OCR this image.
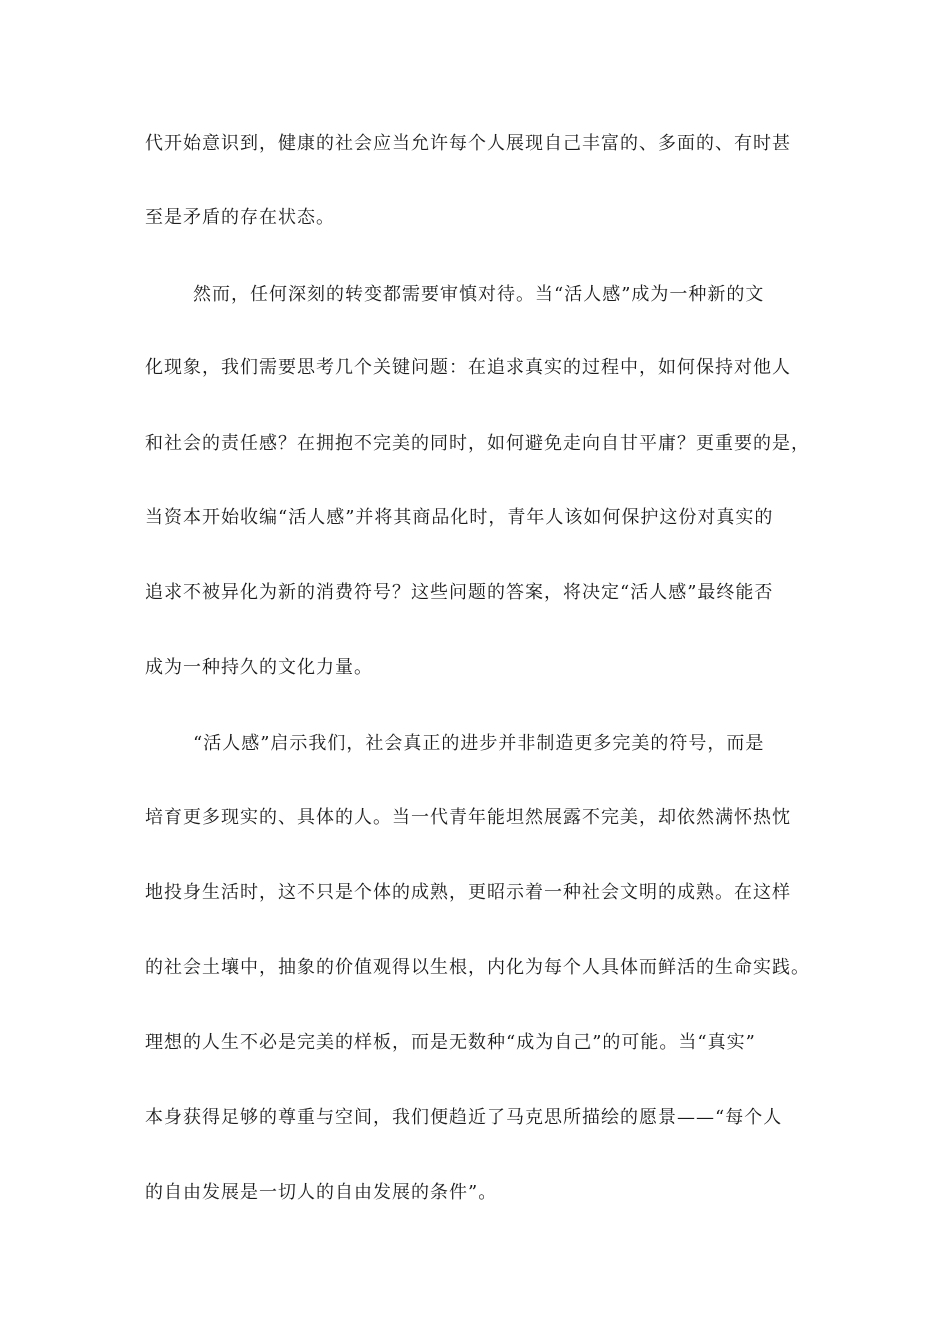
代开始意识到，健康的社会应当允许每个人展现自己丰富的、多面的、有时甚
至是矛盾的存在状态。
然而，任何深刻的转变都需要审慎对待。当“活人感”成为一种新的文
化现象，我们需要思考几个关键问题：在追求真实的过程中，如何保持对他人
和社会的责任感？在拥抱不完美的同时，如何避免走向自甘平庸？更重要的是，
当资本开始收编“活人感”并将其商品化时，青年人该如何保护这份对真实的
追求不被异化为新的消费符号？这些问题的答案，将决定“活人感”最终能否
成为一种持久的文化力量。
“活人感”启示我们，社会真正的进步并非制造更多完美的符号，而是
培育更多现实的、具体的人。当一代青年能坦然展露不完美，却依然满怀热忱
地投身生活时，这不只是个体的成熟，更昭示着一种社会文明的成熟。在这样
的社会土壤中，抽象的价值观得以生根，内化为每个人具体而鲜活的生命实践。
理想的人生不必是完美的样板，而是无数种“成为自己”的可能。当“真实”
本身获得足够的尊重与空间，我们便趋近了马克思所描绘的愿景——“每个人
的自由发展是一切人的自由发展的条件”。
